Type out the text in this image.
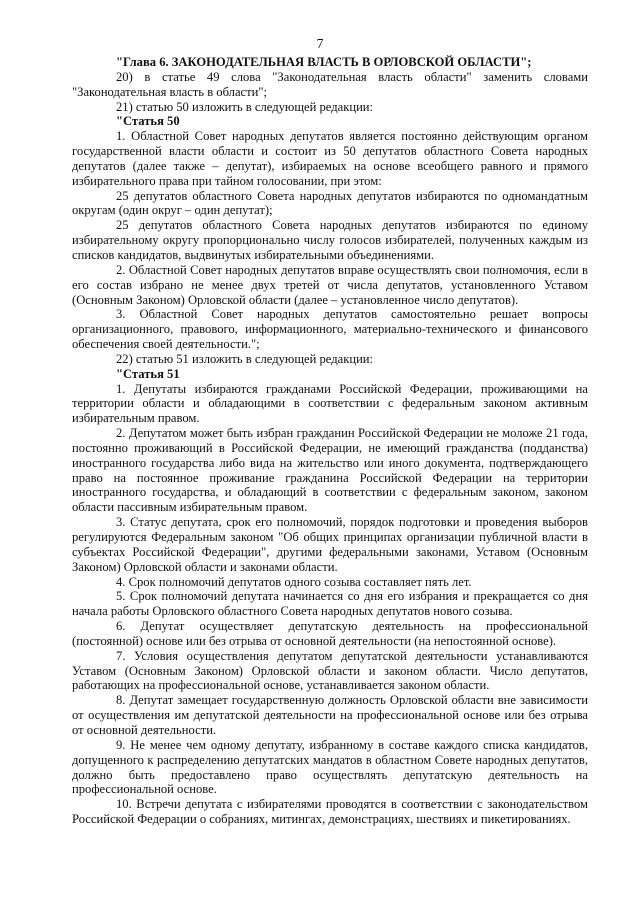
7

"Глава 6. ЗАКОНОДАТЕЛЬНАЯ ВЛАСТЬ В ОРЛОВСКОЙ ОБЛАСТИ";

20) в статье 49 слова "Законодательная власть области" заменить словами "Законодательная власть в области";

21) статью 50 изложить в следующей редакции:

"Статья 50

1. Областной Совет народных депутатов является постоянно действующим органом государственной власти области и состоит из 50 депутатов областного Совета народных депутатов (далее также – депутат), избираемых на основе всеобщего равного и прямого избирательного права при тайном голосовании, при этом:

25 депутатов областного Совета народных депутатов избираются по одномандатным округам (один округ – один депутат);

25 депутатов областного Совета народных депутатов избираются по единому избирательному округу пропорционально числу голосов избирателей, полученных каждым из списков кандидатов, выдвинутых избирательными объединениями.

2. Областной Совет народных депутатов вправе осуществлять свои полномочия, если в его состав избрано не менее двух третей от числа депутатов, установленного Уставом (Основным Законом) Орловской области (далее – установленное число депутатов).

3. Областной Совет народных депутатов самостоятельно решает вопросы организационного, правового, информационного, материально-технического и финансового обеспечения своей деятельности.";

22) статью 51 изложить в следующей редакции:

"Статья 51

1. Депутаты избираются гражданами Российской Федерации, проживающими на территории области и обладающими в соответствии с федеральным законом активным избирательным правом.

2. Депутатом может быть избран гражданин Российской Федерации не моложе 21 года, постоянно проживающий в Российской Федерации, не имеющий гражданства (подданства) иностранного государства либо вида на жительство или иного документа, подтверждающего право на постоянное проживание гражданина Российской Федерации на территории иностранного государства, и обладающий в соответствии с федеральным законом, законом области пассивным избирательным правом.

3. Статус депутата, срок его полномочий, порядок подготовки и проведения выборов регулируются Федеральным законом "Об общих принципах организации публичной власти в субъектах Российской Федерации", другими федеральными законами, Уставом (Основным Законом) Орловской области и законами области.

4. Срок полномочий депутатов одного созыва составляет пять лет.

5. Срок полномочий депутата начинается со дня его избрания и прекращается со дня начала работы Орловского областного Совета народных депутатов нового созыва.

6. Депутат осуществляет депутатскую деятельность на профессиональной (постоянной) основе или без отрыва от основной деятельности (на непостоянной основе).

7. Условия осуществления депутатом депутатской деятельности устанавливаются Уставом (Основным Законом) Орловской области и законом области. Число депутатов, работающих на профессиональной основе, устанавливается законом области.

8. Депутат замещает государственную должность Орловской области вне зависимости от осуществления им депутатской деятельности на профессиональной основе или без отрыва от основной деятельности.

9. Не менее чем одному депутату, избранному в составе каждого списка кандидатов, допущенного к распределению депутатских мандатов в областном Совете народных депутатов, должно быть предоставлено право осуществлять депутатскую деятельность на профессиональной основе.

10. Встречи депутата с избирателями проводятся в соответствии с законодательством Российской Федерации о собраниях, митингах, демонстрациях, шествиях и пикетированиях.
